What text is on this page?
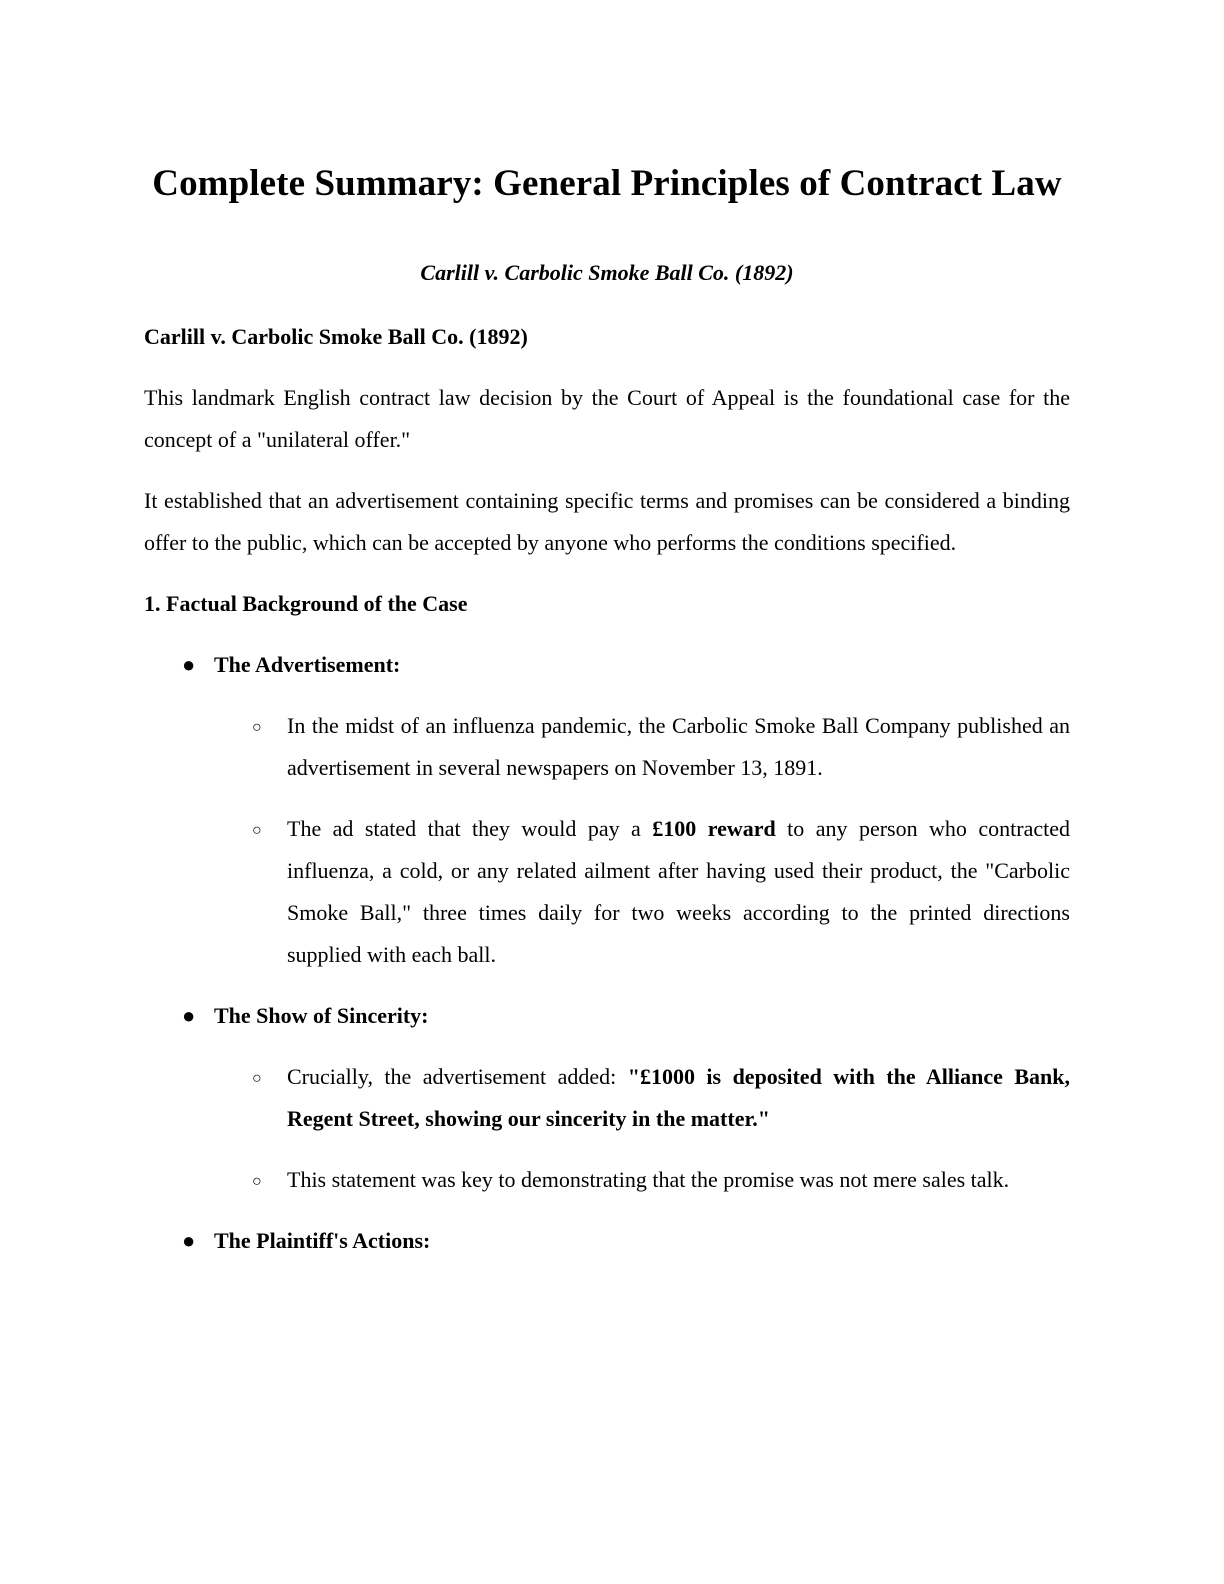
Complete Summary: General Principles of Contract Law

Carlill v. Carbolic Smoke Ball Co. (1892)

Carlill v. Carbolic Smoke Ball Co. (1892)

This landmark English contract law decision by the Court of Appeal is the foundational case for the concept of a "unilateral offer."

It established that an advertisement containing specific terms and promises can be considered a binding offer to the public, which can be accepted by anyone who performs the conditions specified.

1. Factual Background of the Case

● The Advertisement:
○ In the midst of an influenza pandemic, the Carbolic Smoke Ball Company published an advertisement in several newspapers on November 13, 1891.
○ The ad stated that they would pay a £100 reward to any person who contracted influenza, a cold, or any related ailment after having used their product, the "Carbolic Smoke Ball," three times daily for two weeks according to the printed directions supplied with each ball.
● The Show of Sincerity:
○ Crucially, the advertisement added: "£1000 is deposited with the Alliance Bank, Regent Street, showing our sincerity in the matter."
○ This statement was key to demonstrating that the promise was not mere sales talk.
● The Plaintiff's Actions:
